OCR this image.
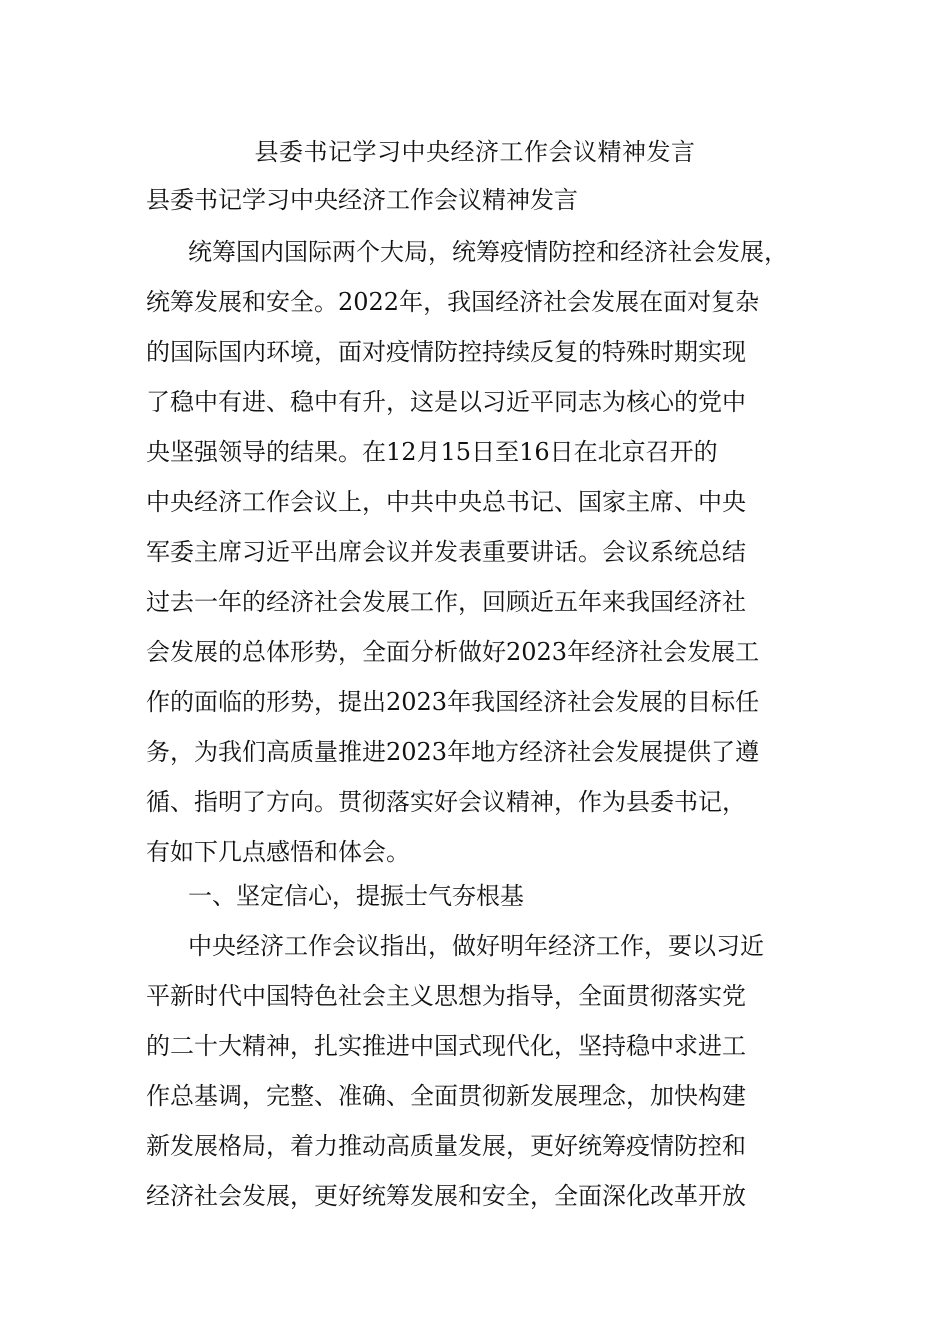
县委书记学习中央经济工作会议精神发言
县委书记学习中央经济工作会议精神发言
统筹国内国际两个大局，统筹疫情防控和经济社会发展，
统筹发展和安全。2022年，我国经济社会发展在面对复杂
的国际国内环境，面对疫情防控持续反复的特殊时期实现
了稳中有进、稳中有升，这是以习近平同志为核心的党中
央坚强领导的结果。在12月15日至16日在北京召开的
中央经济工作会议上，中共中央总书记、国家主席、中央
军委主席习近平出席会议并发表重要讲话。会议系统总结
过去一年的经济社会发展工作，回顾近五年来我国经济社
会发展的总体形势，全面分析做好2023年经济社会发展工
作的面临的形势，提出2023年我国经济社会发展的目标任
务，为我们高质量推进2023年地方经济社会发展提供了遵
循、指明了方向。贯彻落实好会议精神，作为县委书记，
有如下几点感悟和体会。
一、坚定信心，提振士气夯根基
中央经济工作会议指出，做好明年经济工作，要以习近
平新时代中国特色社会主义思想为指导，全面贯彻落实党
的二十大精神，扎实推进中国式现代化，坚持稳中求进工
作总基调，完整、准确、全面贯彻新发展理念，加快构建
新发展格局，着力推动高质量发展，更好统筹疫情防控和
经济社会发展，更好统筹发展和安全，全面深化改革开放
